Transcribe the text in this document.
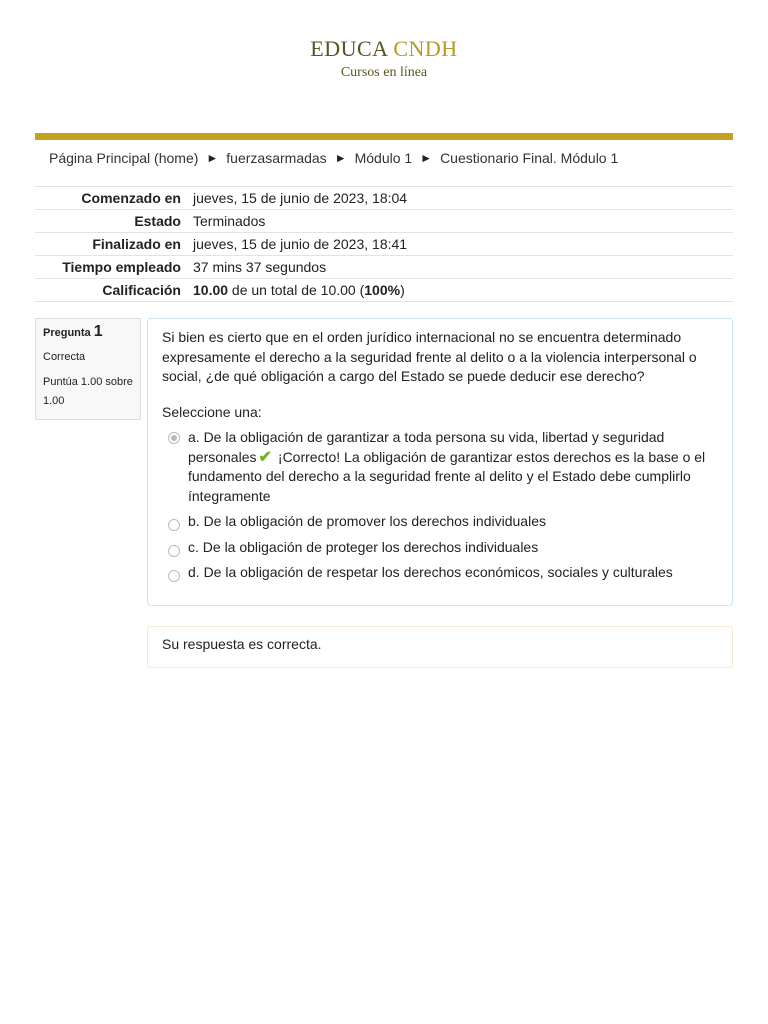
EDUCA CNDH
Cursos en línea
Página Principal (home) ► fuerzasarmadas ► Módulo 1 ► Cuestionario Final. Módulo 1
Comenzado en	jueves, 15 de junio de 2023, 18:04
Estado	Terminados
Finalizado en	jueves, 15 de junio de 2023, 18:41
Tiempo empleado	37 mins 37 segundos
Calificación	10.00 de un total de 10.00 (100%)
Pregunta 1
Correcta
Puntúa 1.00 sobre 1.00

Si bien es cierto que en el orden jurídico internacional no se encuentra determinado expresamente el derecho a la seguridad frente al delito o a la violencia interpersonal o social, ¿de qué obligación a cargo del Estado se puede deducir ese derecho?

Seleccione una:
a. De la obligación de garantizar a toda persona su vida, libertad y seguridad personales ✔ ¡Correcto! La obligación de garantizar estos derechos es la base o el fundamento del derecho a la seguridad frente al delito y el Estado debe cumplirlo íntegramente
b. De la obligación de promover los derechos individuales
c. De la obligación de proteger los derechos individuales
d. De la obligación de respetar los derechos económicos, sociales y culturales
Su respuesta es correcta.
